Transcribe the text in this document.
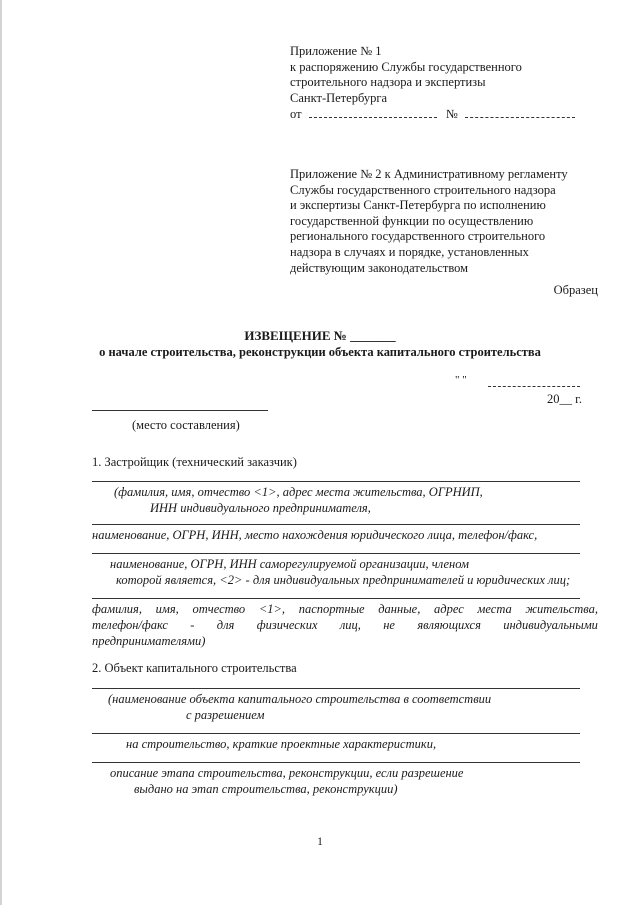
Приложение № 1
к распоряжению Службы государственного
строительного надзора и экспертизы
Санкт-Петербурга
от	№
Приложение № 2 к Административному регламенту
Службы государственного строительного надзора
и экспертизы Санкт-Петербурга по исполнению
государственной функции по осуществлению
регионального государственного строительного
надзора в случаях и порядке, установленных
действующим законодательством
Образец
ИЗВЕЩЕНИЕ № _______
о начале строительства, реконструкции объекта капитального строительства
" "
20__ г.
(место составления)
1. Застройщик (технический заказчик)
(фамилия, имя, отчество <1>, адрес места жительства, ОГРНИП,
ИНН индивидуального предпринимателя,
наименование, ОГРН, ИНН, место нахождения юридического лица, телефон/факс,
наименование, ОГРН, ИНН саморегулируемой организации, членом
которой является, <2> - для индивидуальных предпринимателей и юридических лиц;
фамилия, имя, отчество <1>, паспортные данные, адрес места жительства,
телефон/факс - для физических лиц, не являющихся индивидуальными
предпринимателями)
2. Объект капитального строительства
(наименование объекта капитального строительства в соответствии
с разрешением
на строительство, краткие проектные характеристики,
описание этапа строительства, реконструкции, если разрешение
выдано на этап строительства, реконструкции)
1
